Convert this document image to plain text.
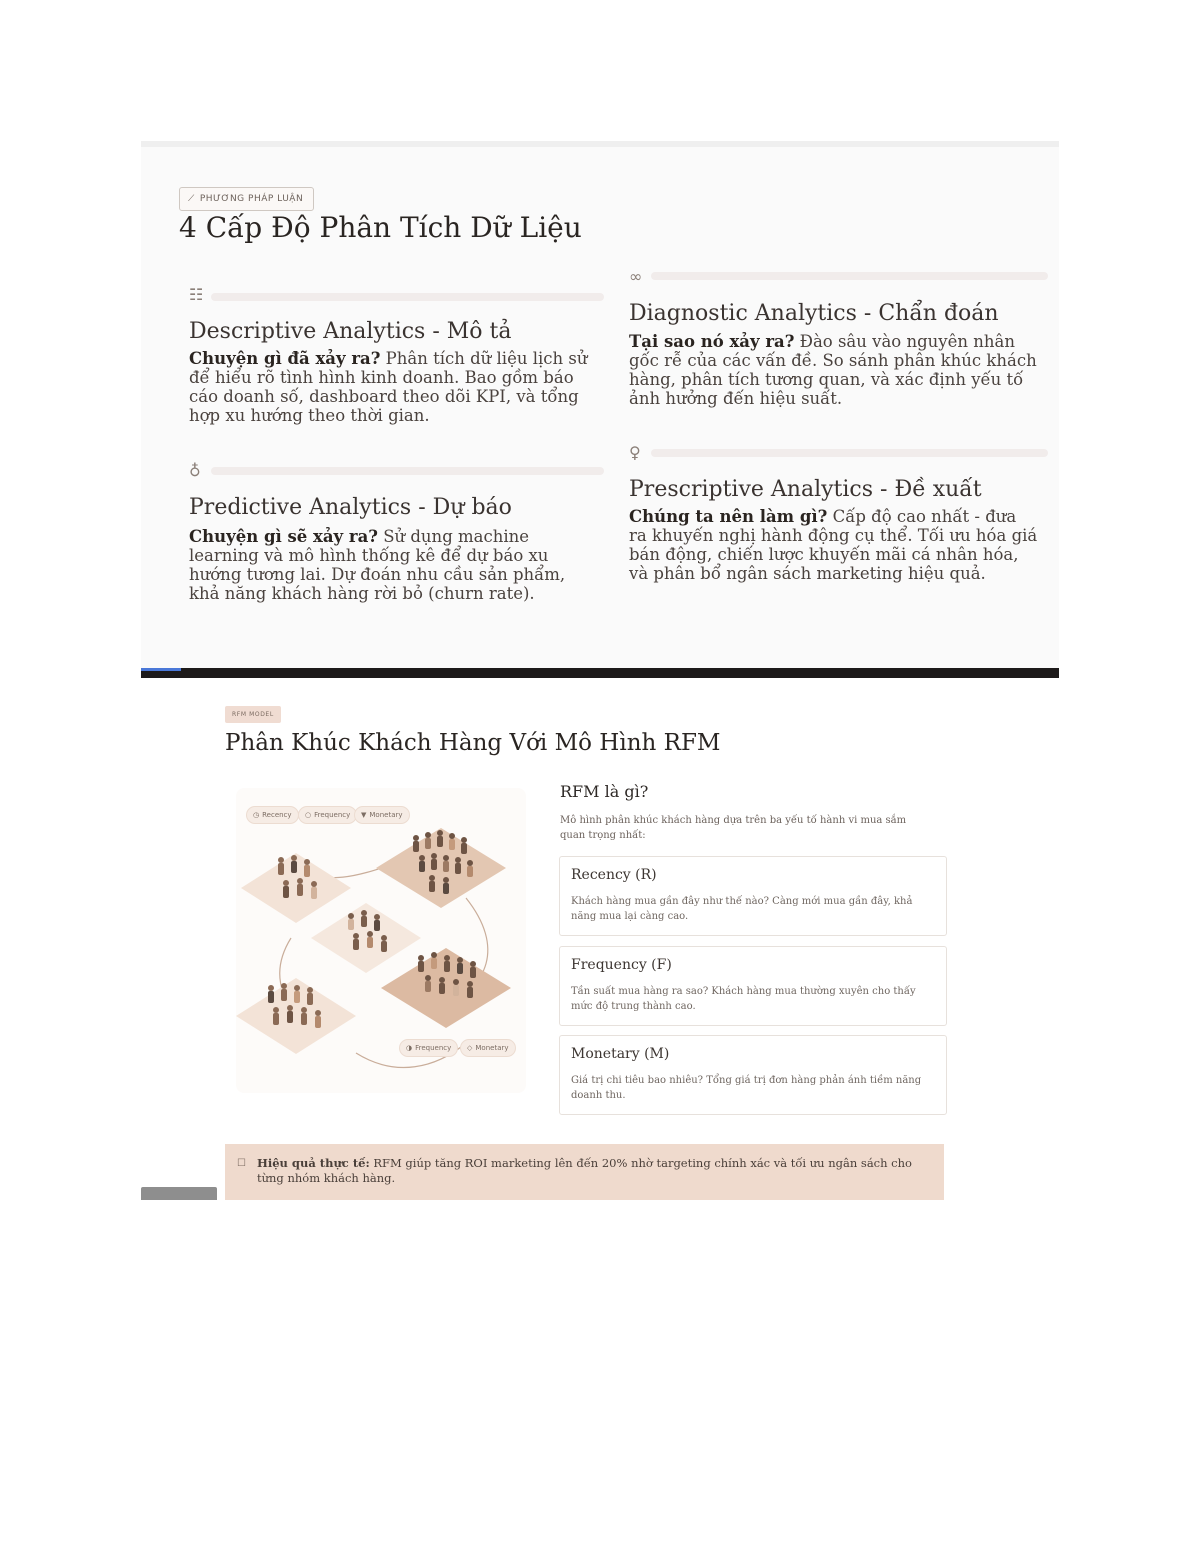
⟋ PHƯƠNG PHÁP LUẬN
4 Cấp Độ Phân Tích Dữ Liệu
☷
Descriptive Analytics - Mô tả

Chuyện gì đã xảy ra? Phân tích dữ liệu lịch sử để hiểu rõ tình hình kinh doanh. Bao gồm báo cáo doanh số, dashboard theo dõi KPI, và tổng hợp xu hướng theo thời gian.

∞
Diagnostic Analytics - Chẩn đoán

Tại sao nó xảy ra? Đào sâu vào nguyên nhân gốc rễ của các vấn đề. So sánh phân khúc khách hàng, phân tích tương quan, và xác định yếu tố ảnh hưởng đến hiệu suất.

♁
Predictive Analytics - Dự báo

Chuyện gì sẽ xảy ra? Sử dụng machine learning và mô hình thống kê để dự báo xu hướng tương lai. Dự đoán nhu cầu sản phẩm, khả năng khách hàng rời bỏ (churn rate).

♀
Prescriptive Analytics - Đề xuất

Chúng ta nên làm gì? Cấp độ cao nhất - đưa ra khuyến nghị hành động cụ thể. Tối ưu hóa giá bán động, chiến lược khuyến mãi cá nhân hóa, và phân bổ ngân sách marketing hiệu quả.

RFM MODEL
Phân Khúc Khách Hàng Với Mô Hình RFM
◷ Recency ○ Frequency ▼ Monetary
◑ Frequency ◇ Monetary
RFM là gì?

Mô hình phân khúc khách hàng dựa trên ba yếu tố hành vi mua sắm quan trọng nhất:

Recency (R)

Khách hàng mua gần đây như thế nào? Càng mới mua gần đây, khả năng mua lại càng cao.

Frequency (F)

Tần suất mua hàng ra sao? Khách hàng mua thường xuyên cho thấy mức độ trung thành cao.

Monetary (M)

Giá trị chi tiêu bao nhiêu? Tổng giá trị đơn hàng phản ánh tiềm năng doanh thu.

☐ Hiệu quả thực tế: RFM giúp tăng ROI marketing lên đến 20% nhờ targeting chính xác và tối ưu ngân sách cho từng nhóm khách hàng.
